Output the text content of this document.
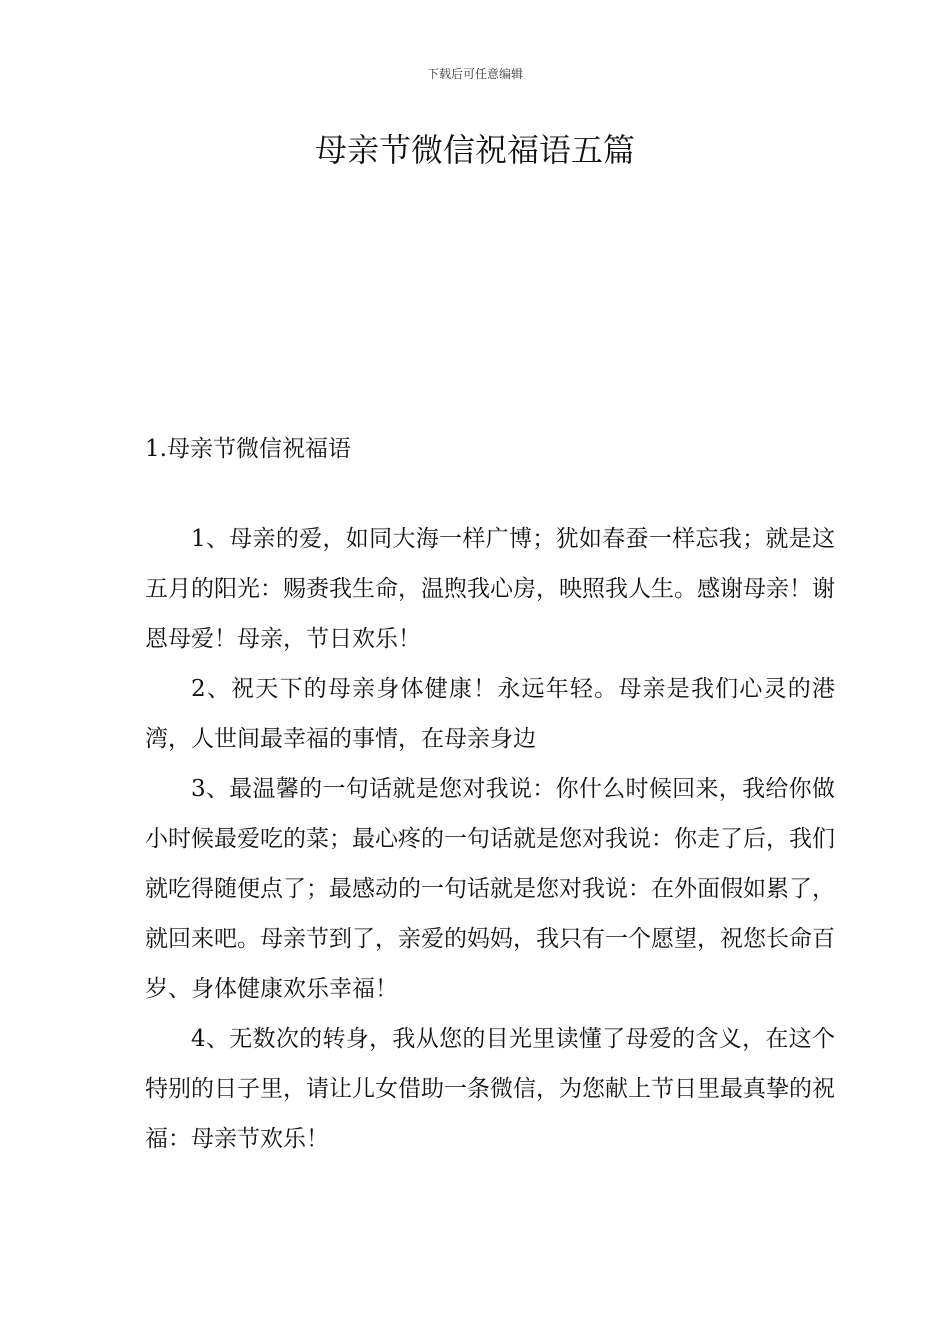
下载后可任意编辑
母亲节微信祝福语五篇

1.母亲节微信祝福语

1、母亲的爱，如同大海一样广博；犹如春蚕一样忘我；就是这五月的阳光：赐赉我生命，温煦我心房，映照我人生。感谢母亲！谢恩母爱！母亲，节日欢乐！

2、祝天下的母亲身体健康！永远年轻。母亲是我们心灵的港湾，人世间最幸福的事情，在母亲身边

3、最温馨的一句话就是您对我说：你什么时候回来，我给你做小时候最爱吃的菜；最心疼的一句话就是您对我说：你走了后，我们就吃得随便点了；最感动的一句话就是您对我说：在外面假如累了，就回来吧。母亲节到了，亲爱的妈妈，我只有一个愿望，祝您长命百岁、身体健康欢乐幸福！

4、无数次的转身，我从您的目光里读懂了母爱的含义，在这个特别的日子里，请让儿女借助一条微信，为您献上节日里最真挚的祝福：母亲节欢乐！
